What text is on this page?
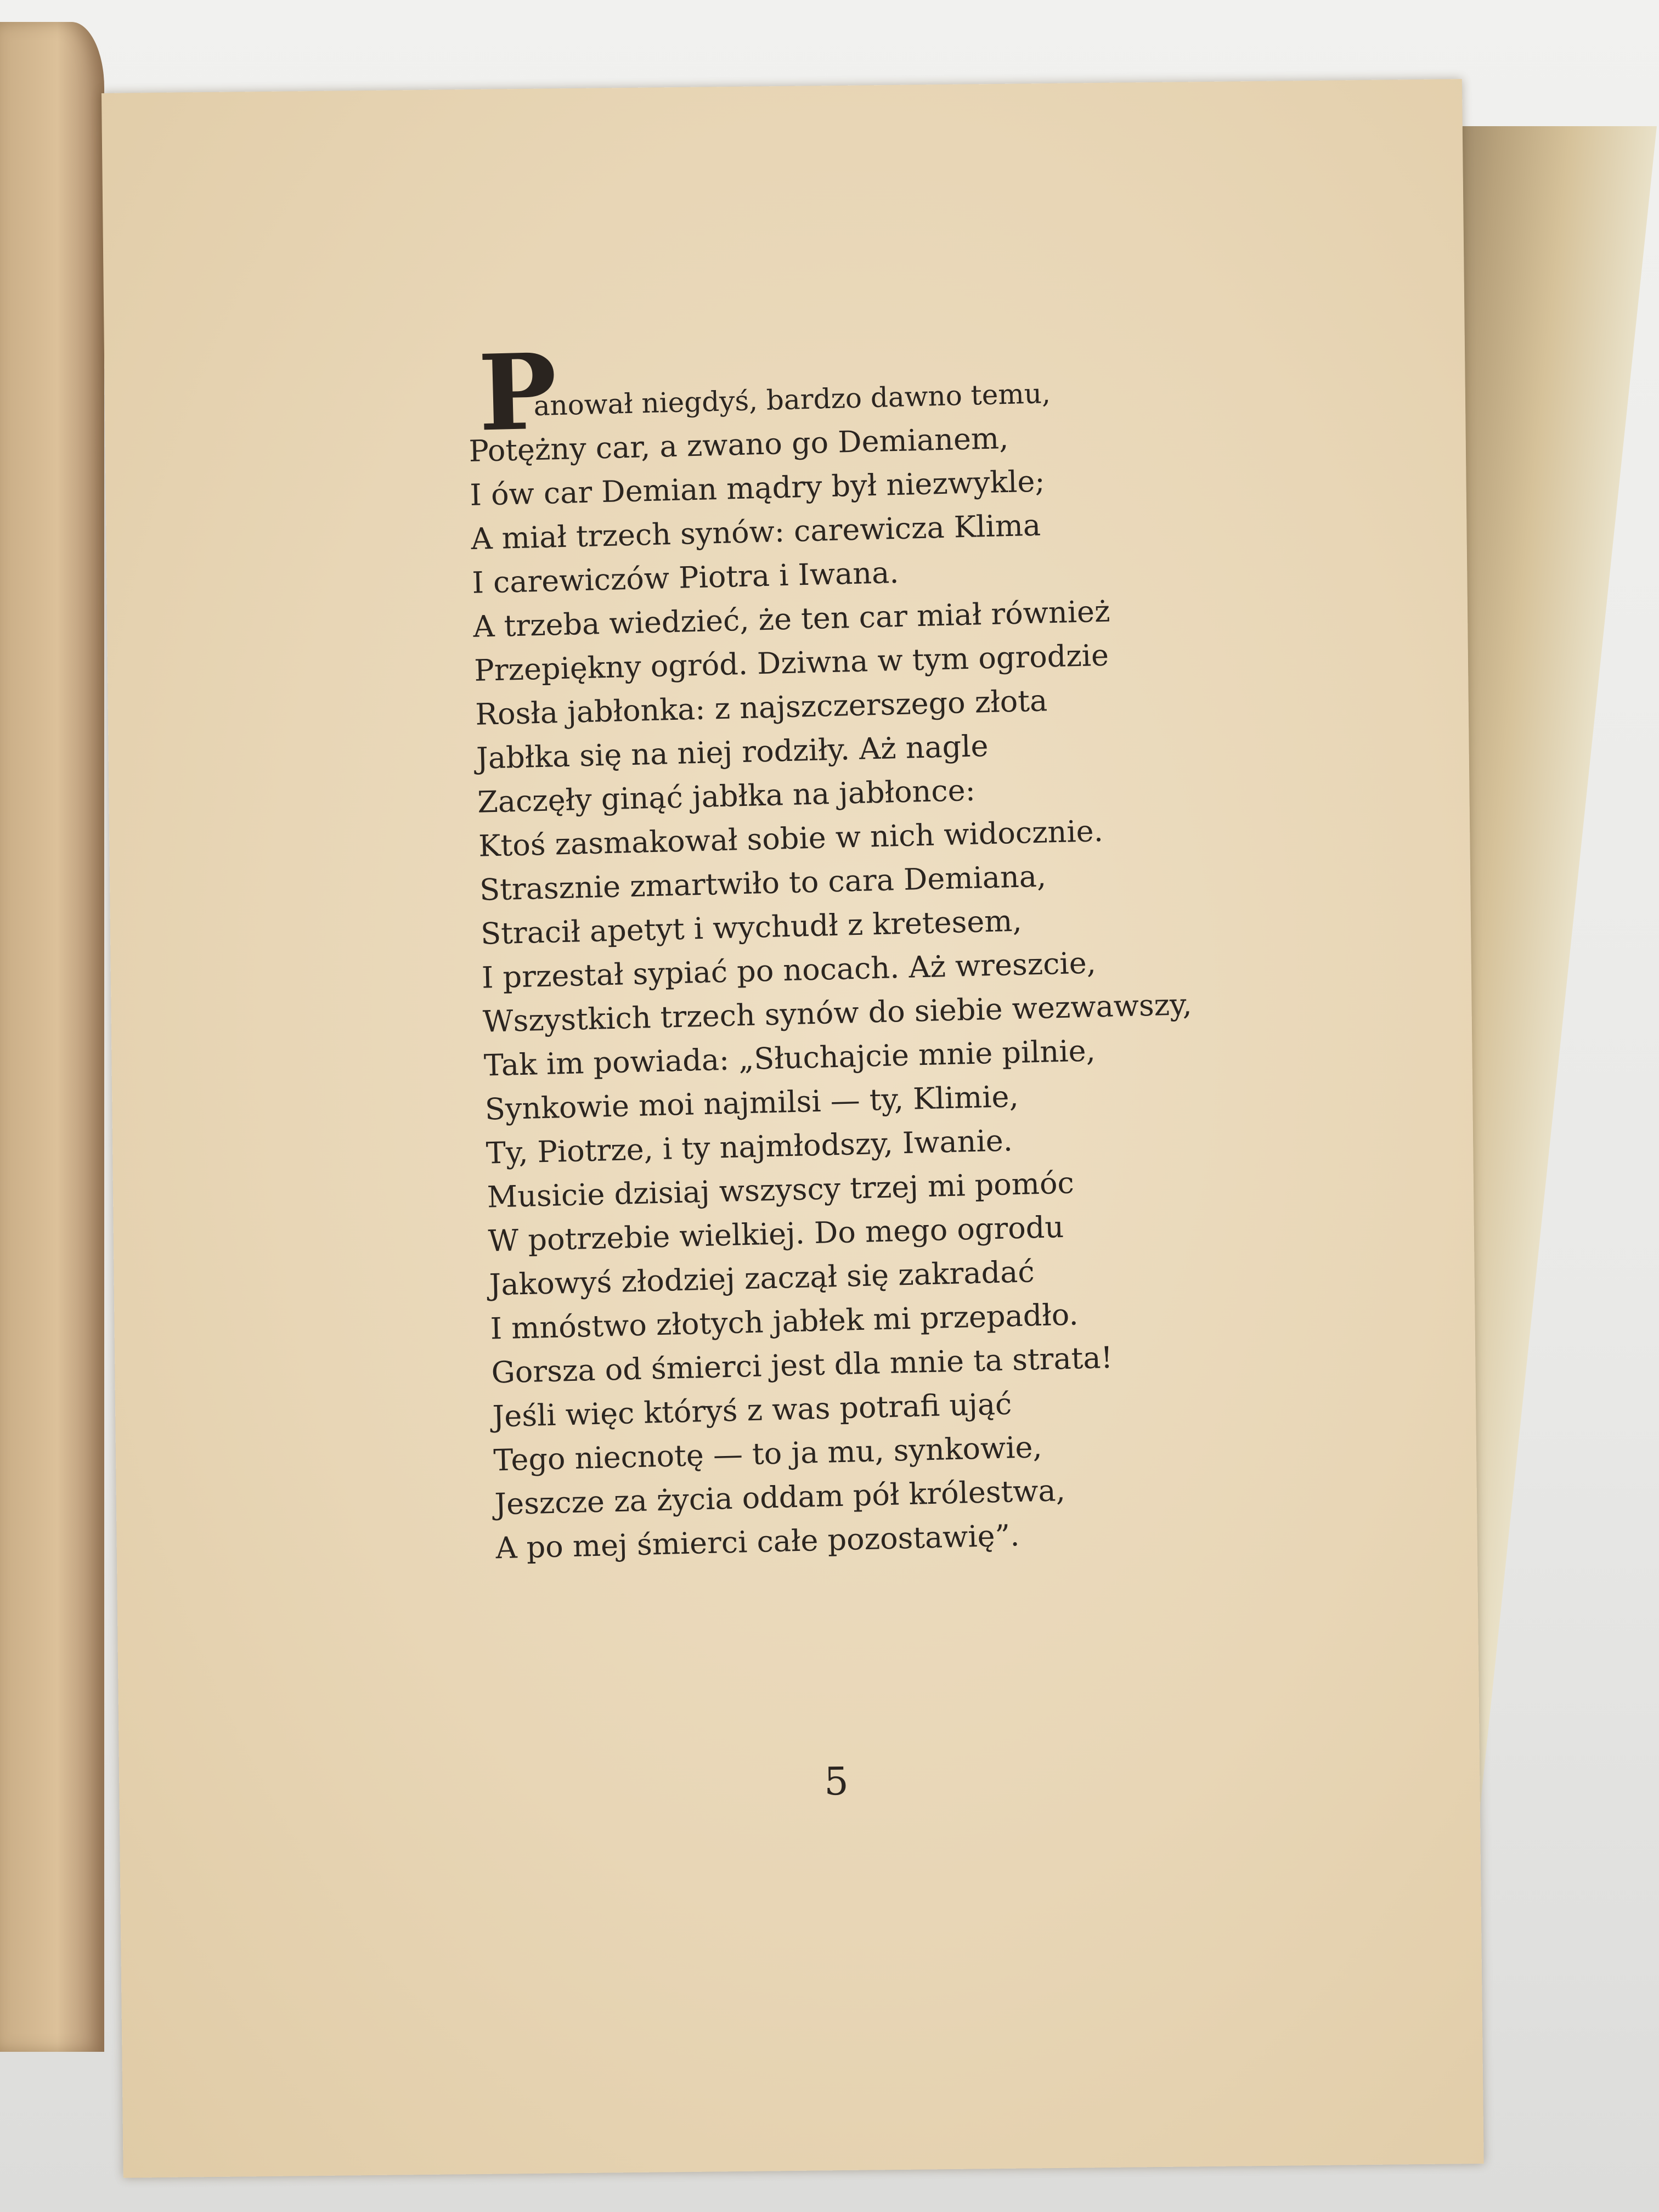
P
anował niegdyś, bardzo dawno temu,
Potężny car, a zwano go Demianem,
I ów car Demian mądry był niezwykle;
A miał trzech synów: carewicza Klima
I carewiczów Piotra i Iwana.
A trzeba wiedzieć, że ten car miał również
Przepiękny ogród. Dziwna w tym ogrodzie
Rosła jabłonka: z najszczerszego złota
Jabłka się na niej rodziły. Aż nagle
Zaczęły ginąć jabłka na jabłonce:
Ktoś zasmakował sobie w nich widocznie.
Strasznie zmartwiło to cara Demiana,
Stracił apetyt i wychudł z kretesem,
I przestał sypiać po nocach. Aż wreszcie,
Wszystkich trzech synów do siebie wezwawszy,
Tak im powiada: „Słuchajcie mnie pilnie,
Synkowie moi najmilsi — ty, Klimie,
Ty, Piotrze, i ty najmłodszy, Iwanie.
Musicie dzisiaj wszyscy trzej mi pomóc
W potrzebie wielkiej. Do mego ogrodu
Jakowyś złodziej zaczął się zakradać
I mnóstwo złotych jabłek mi przepadło.
Gorsza od śmierci jest dla mnie ta strata!
Jeśli więc któryś z was potrafi ująć
Tego niecnotę — to ja mu, synkowie,
Jeszcze za życia oddam pół królestwa,
A po mej śmierci całe pozostawię”.
5
